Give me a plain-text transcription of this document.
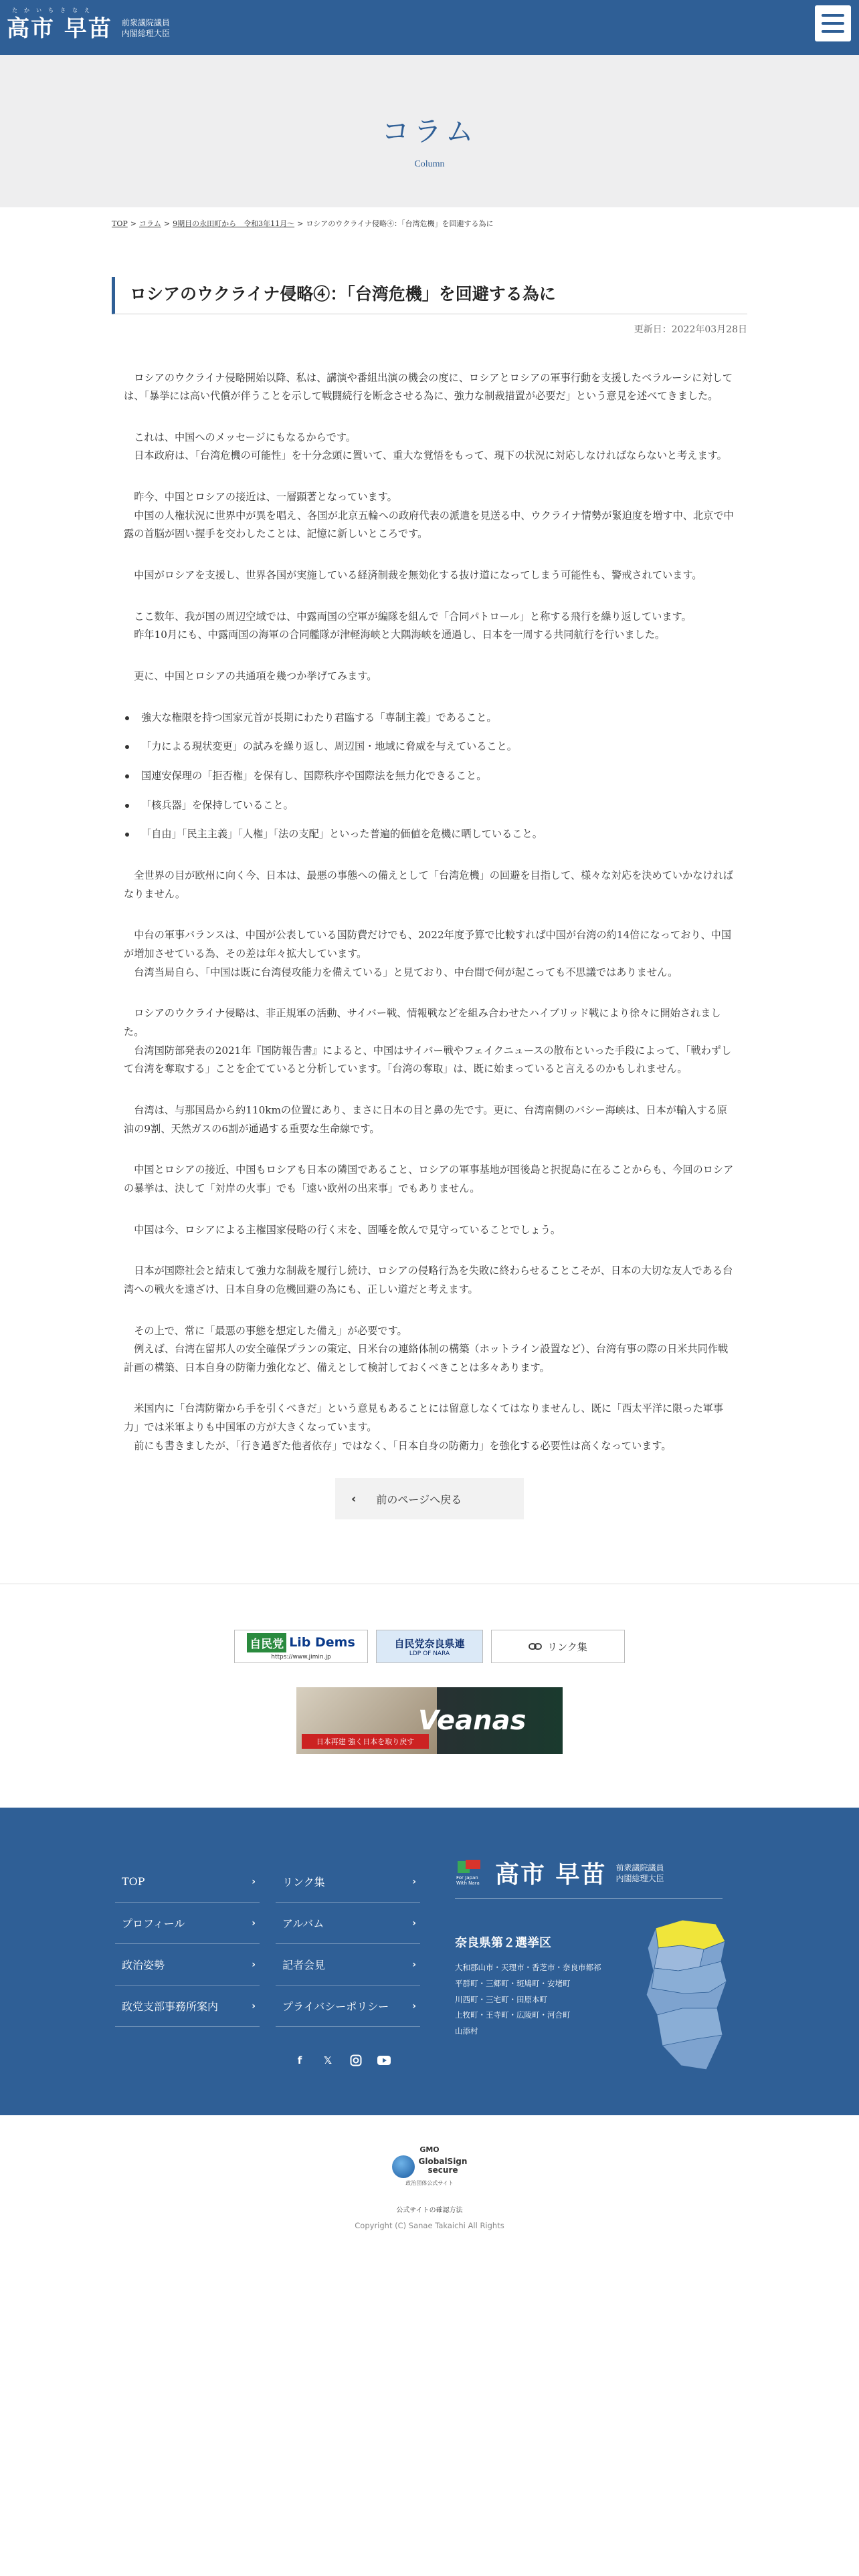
たかいちさなえ
高市 早苗 前衆議院議員
内閣総理大臣
コラム
Column
TOP > コラム > 9期目の永田町から　令和3年11月〜 > ロシアのウクライナ侵略④：「台湾危機」を回避する為に
ロシアのウクライナ侵略④：「台湾危機」を回避する為に
更新日：2022年03月28日

　ロシアのウクライナ侵略開始以降、私は、講演や番組出演の機会の度に、ロシアとロシアの軍事行動を支援したベラルーシに対しては、「暴挙には高い代償が伴うことを示して戦闘続行を断念させる為に、強力な制裁措置が必要だ」という意見を述べてきました。

　これは、中国へのメッセージにもなるからです。
　日本政府は、「台湾危機の可能性」を十分念頭に置いて、重大な覚悟をもって、現下の状況に対応しなければならないと考えます。

　昨今、中国とロシアの接近は、一層顕著となっています。
　中国の人権状況に世界中が異を唱え、各国が北京五輪への政府代表の派遣を見送る中、ウクライナ情勢が緊迫度を増す中、北京で中露の首脳が固い握手を交わしたことは、記憶に新しいところです。

　中国がロシアを支援し、世界各国が実施している経済制裁を無効化する抜け道になってしまう可能性も、警戒されています。

　ここ数年、我が国の周辺空域では、中露両国の空軍が編隊を組んで「合同パトロール」と称する飛行を繰り返しています。
　昨年10月にも、中露両国の海軍の合同艦隊が津軽海峡と大隅海峡を通過し、日本を一周する共同航行を行いました。

　更に、中国とロシアの共通項を幾つか挙げてみます。

強大な権限を持つ国家元首が長期にわたり君臨する「専制主義」であること。
「力による現状変更」の試みを繰り返し、周辺国・地域に脅威を与えていること。
国連安保理の「拒否権」を保有し、国際秩序や国際法を無力化できること。
「核兵器」を保持していること。
「自由」「民主主義」「人権」「法の支配」といった普遍的価値を危機に晒していること。

　全世界の目が欧州に向く今、日本は、最悪の事態への備えとして「台湾危機」の回避を目指して、様々な対応を決めていかなければなりません。

　中台の軍事バランスは、中国が公表している国防費だけでも、2022年度予算で比較すれば中国が台湾の約14倍になっており、中国が増加させている為、その差は年々拡大しています。
　台湾当局自ら、「中国は既に台湾侵攻能力を備えている」と見ており、中台間で何が起こっても不思議ではありません。

　ロシアのウクライナ侵略は、非正規軍の活動、サイバー戦、情報戦などを組み合わせたハイブリッド戦により徐々に開始されました。
　台湾国防部発表の2021年『国防報告書』によると、中国はサイバー戦やフェイクニュースの散布といった手段によって、「戦わずして台湾を奪取する」ことを企てていると分析しています。「台湾の奪取」は、既に始まっていると言えるのかもしれません。

　台湾は、与那国島から約110kmの位置にあり、まさに日本の目と鼻の先です。更に、台湾南側のバシー海峡は、日本が輸入する原油の9割、天然ガスの6割が通過する重要な生命線です。

　中国とロシアの接近、中国もロシアも日本の隣国であること、ロシアの軍事基地が国後島と択捉島に在ることからも、今回のロシアの暴挙は、決して「対岸の火事」でも「遠い欧州の出来事」でもありません。

　中国は今、ロシアによる主権国家侵略の行く末を、固唾を飲んで見守っていることでしょう。

　日本が国際社会と結束して強力な制裁を履行し続け、ロシアの侵略行為を失敗に終わらせることこそが、日本の大切な友人である台湾への戦火を遠ざけ、日本自身の危機回避の為にも、正しい道だと考えます。

　その上で、常に「最悪の事態を想定した備え」が必要です。
　例えば、台湾在留邦人の安全確保プランの策定、日米台の連絡体制の構築（ホットライン設置など）、台湾有事の際の日米共同作戦計画の構築、日本自身の防衛力強化など、備えとして検討しておくべきことは多々あります。

　米国内に「台湾防衛から手を引くべきだ」という意見もあることには留意しなくてはなりませんし、既に「西太平洋に限った軍事力」では米軍よりも中国軍の方が大きくなっています。
　前にも書きましたが、「行き過ぎた他者依存」ではなく、「日本自身の防衛力」を強化する必要性は高くなっています。

‹ 前のページへ戻る
自民党 Lib Dems
https://www.jimin.jp
自民党奈良県連
LDP OF NARA
リンク集
日本再建 強く日本を取り戻す
Veanas
TOP	›	リンク集	›
プロフィール	›	アルバム	›
政治姿勢	›	記者会見	›
政党支部事務所案内	›	プライバシーポリシー	›
f	𝕏
For Japan With Nara 高市 早苗 前衆議院議員
内閣総理大臣
奈良県第２選挙区
大和郡山市・天理市・香芝市・奈良市都祁
平群町・三郷町・斑鳩町・安堵町
川西町・三宅町・田原本町
上牧町・王寺町・広陵町・河合町
山添村
GMO
GlobalSign
secure
政治団体公式サイト
公式サイトの確認方法
Copyright (C) Sanae Takaichi All Rights
